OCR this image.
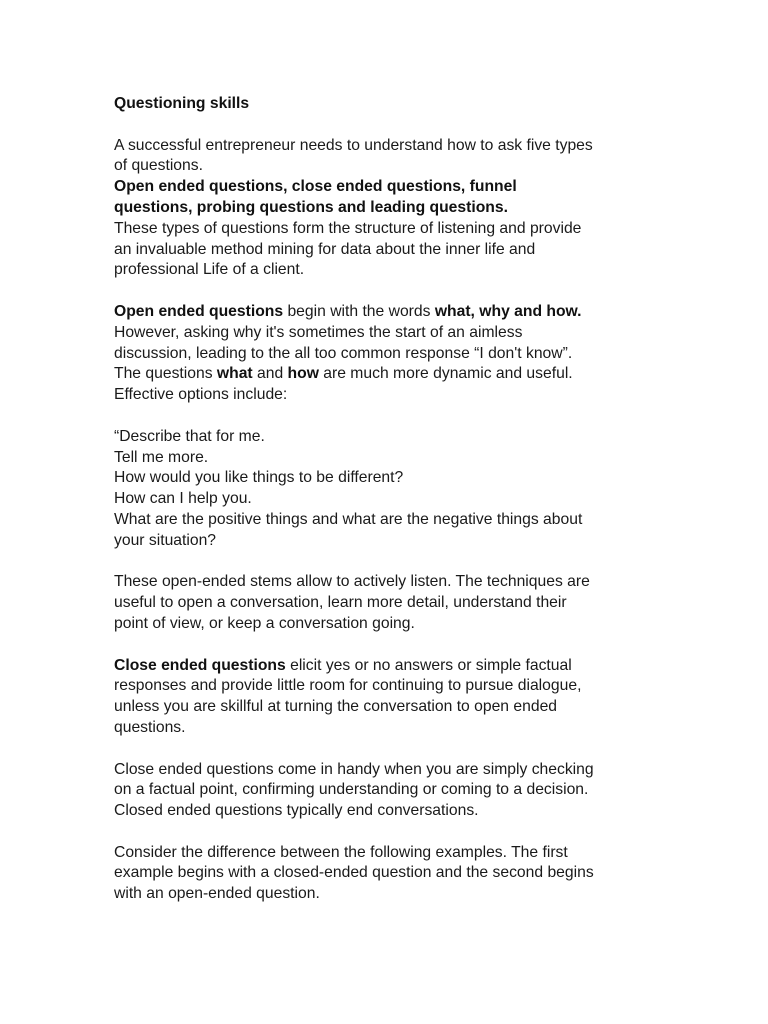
Questioning skills

A successful entrepreneur needs to understand how to ask five types
of questions.
Open ended questions, close ended questions, funnel
questions, probing questions and leading questions.
These types of questions form the structure of listening and provide
an invaluable method mining for data about the inner life and
professional Life of a client.

Open ended questions begin with the words what, why and how.
However, asking why it's sometimes the start of an aimless
discussion, leading to the all too common response “I don't know”.
The questions what and how are much more dynamic and useful.
Effective options include:

“Describe that for me.
Tell me more.
How would you like things to be different?
How can I help you.
What are the positive things and what are the negative things about
your situation?

These open-ended stems allow to actively listen. The techniques are
useful to open a conversation, learn more detail, understand their
point of view, or keep a conversation going.

Close ended questions elicit yes or no answers or simple factual
responses and provide little room for continuing to pursue dialogue,
unless you are skillful at turning the conversation to open ended
questions.

Close ended questions come in handy when you are simply checking
on a factual point, confirming understanding or coming to a decision.
Closed ended questions typically end conversations.

Consider the difference between the following examples. The first
example begins with a closed-ended question and the second begins
with an open-ended question.
